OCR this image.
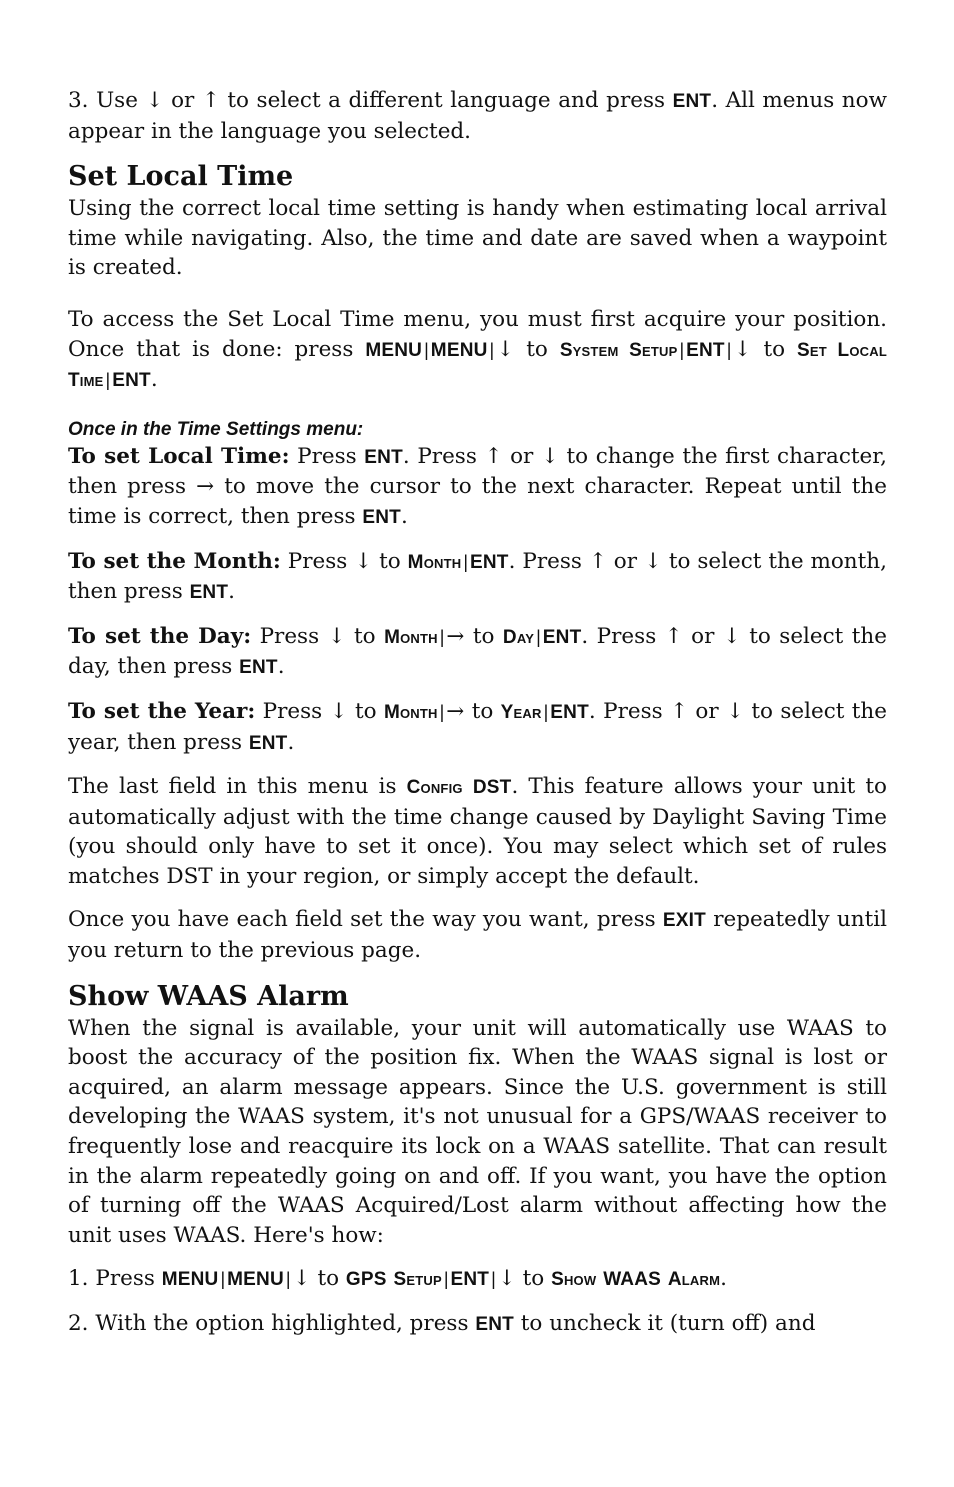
3. Use ↓ or ↑ to select a different language and press ENT. All menus now appear in the language you selected.

Set Local Time

Using the correct local time setting is handy when estimating local arrival time while navigating. Also, the time and date are saved when a waypoint is created.

To access the Set Local Time menu, you must first acquire your position. Once that is done: press MENU | MENU |↓ to System Setup | ENT |↓ to Set Local Time | ENT.

Once in the Time Settings menu:

To set Local Time: Press ENT. Press ↑ or ↓ to change the first character, then press → to move the cursor to the next character. Repeat until the time is correct, then press ENT.

To set the Month: Press ↓ to Month | ENT. Press ↑ or ↓ to select the month, then press ENT.

To set the Day: Press ↓ to Month |→ to Day | ENT. Press ↑ or ↓ to select the day, then press ENT.

To set the Year: Press ↓ to Month |→ to Year | ENT. Press ↑ or ↓ to select the year, then press ENT.

The last field in this menu is Config DST. This feature allows your unit to automatically adjust with the time change caused by Daylight Saving Time (you should only have to set it once). You may select which set of rules matches DST in your region, or simply accept the default.

Once you have each field set the way you want, press EXIT repeatedly until you return to the previous page.

Show WAAS Alarm

When the signal is available, your unit will automatically use WAAS to boost the accuracy of the position fix. When the WAAS signal is lost or acquired, an alarm message appears. Since the U.S. government is still developing the WAAS system, it's not unusual for a GPS/WAAS receiver to frequently lose and reacquire its lock on a WAAS satellite. That can result in the alarm repeatedly going on and off. If you want, you have the option of turning off the WAAS Acquired/Lost alarm without affecting how the unit uses WAAS. Here's how:

1. Press MENU | MENU |↓ to GPS Setup | ENT |↓ to Show WAAS Alarm.

2. With the option highlighted, press ENT to uncheck it (turn off) and
